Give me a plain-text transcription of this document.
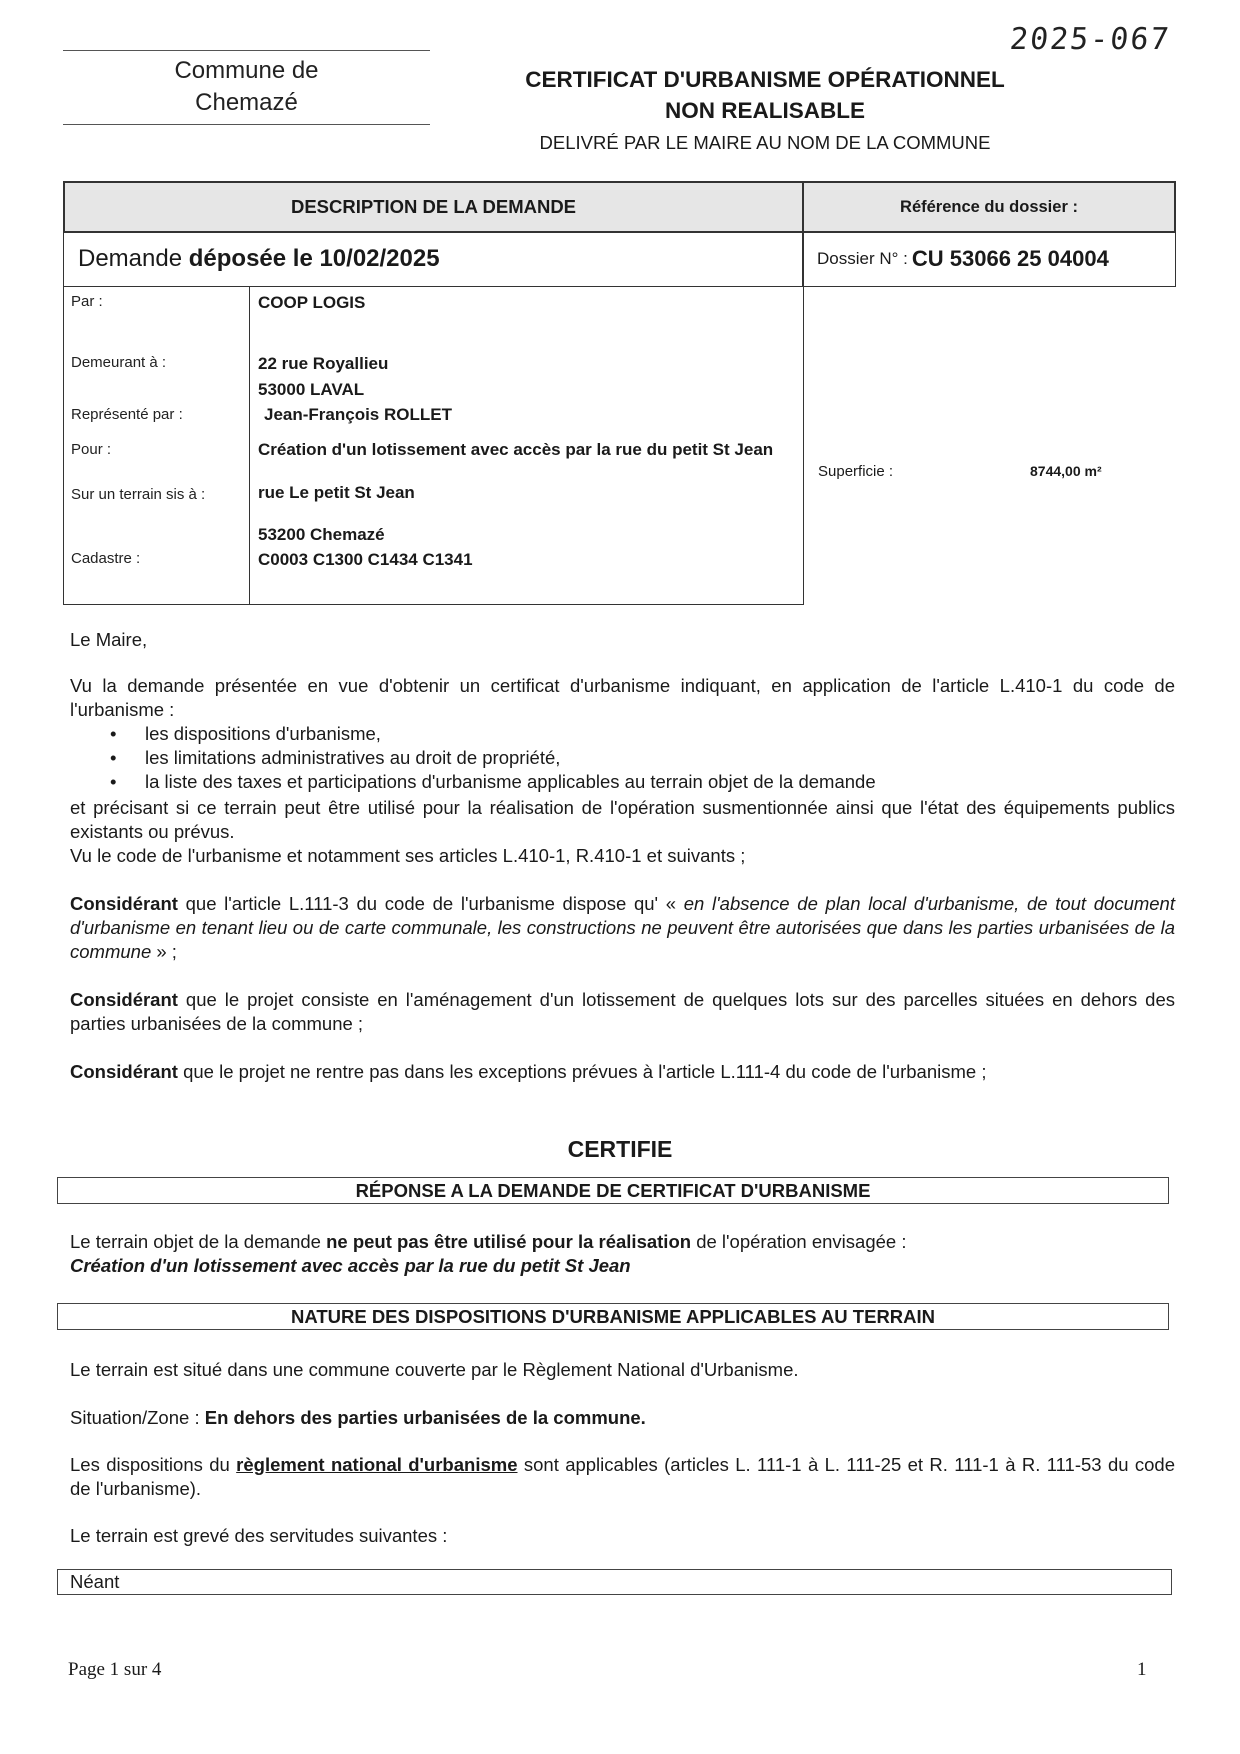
2025-067
Commune de
Chemazé
CERTIFICAT D'URBANISME OPÉRATIONNEL
NON REALISABLE
DELIVRÉ PAR LE MAIRE AU NOM DE LA COMMUNE
DESCRIPTION DE LA DEMANDE	Référence du dossier :
Demande déposée le 10/02/2025	Dossier N° : CU 53066 25 04004
Par :	COOP LOGIS
Demeurant à :	22 rue Royallieu
53000 LAVAL
Représenté par :	Jean-François ROLLET
Pour :	Création d'un lotissement avec accès par la rue du petit St Jean
Sur un terrain sis à :	rue Le petit St Jean
53200 Chemazé
Cadastre :	C0003 C1300 C1434 C1341
Superficie :	8744,00 m²
Le Maire,
Vu la demande présentée en vue d'obtenir un certificat d'urbanisme indiquant, en application de l'article L.410-1 du code de l'urbanisme :
• les dispositions d'urbanisme,
• les limitations administratives au droit de propriété,
• la liste des taxes et participations d'urbanisme applicables au terrain objet de la demande
et précisant si ce terrain peut être utilisé pour la réalisation de l'opération susmentionnée ainsi que l'état des équipements publics existants ou prévus.
Vu le code de l'urbanisme et notamment ses articles L.410-1, R.410-1 et suivants ;
Considérant que l'article L.111-3 du code de l'urbanisme dispose qu' « en l'absence de plan local d'urbanisme, de tout document d'urbanisme en tenant lieu ou de carte communale, les constructions ne peuvent être autorisées que dans les parties urbanisées de la commune » ;
Considérant que le projet consiste en l'aménagement d'un lotissement de quelques lots sur des parcelles situées en dehors des parties urbanisées de la commune ;
Considérant que le projet ne rentre pas dans les exceptions prévues à l'article L.111-4 du code de l'urbanisme ;
CERTIFIE
RÉPONSE A LA DEMANDE DE CERTIFICAT D'URBANISME
Le terrain objet de la demande ne peut pas être utilisé pour la réalisation de l'opération envisagée :
Création d'un lotissement avec accès par la rue du petit St Jean
NATURE DES DISPOSITIONS D'URBANISME APPLICABLES AU TERRAIN
Le terrain est situé dans une commune couverte par le Règlement National d'Urbanisme.
Situation/Zone : En dehors des parties urbanisées de la commune.
Les dispositions du règlement national d'urbanisme sont applicables (articles L. 111-1 à L. 111-25 et R. 111-1 à R. 111-53 du code de l'urbanisme).
Le terrain est grevé des servitudes suivantes :
Néant
Page 1 sur 4	1
